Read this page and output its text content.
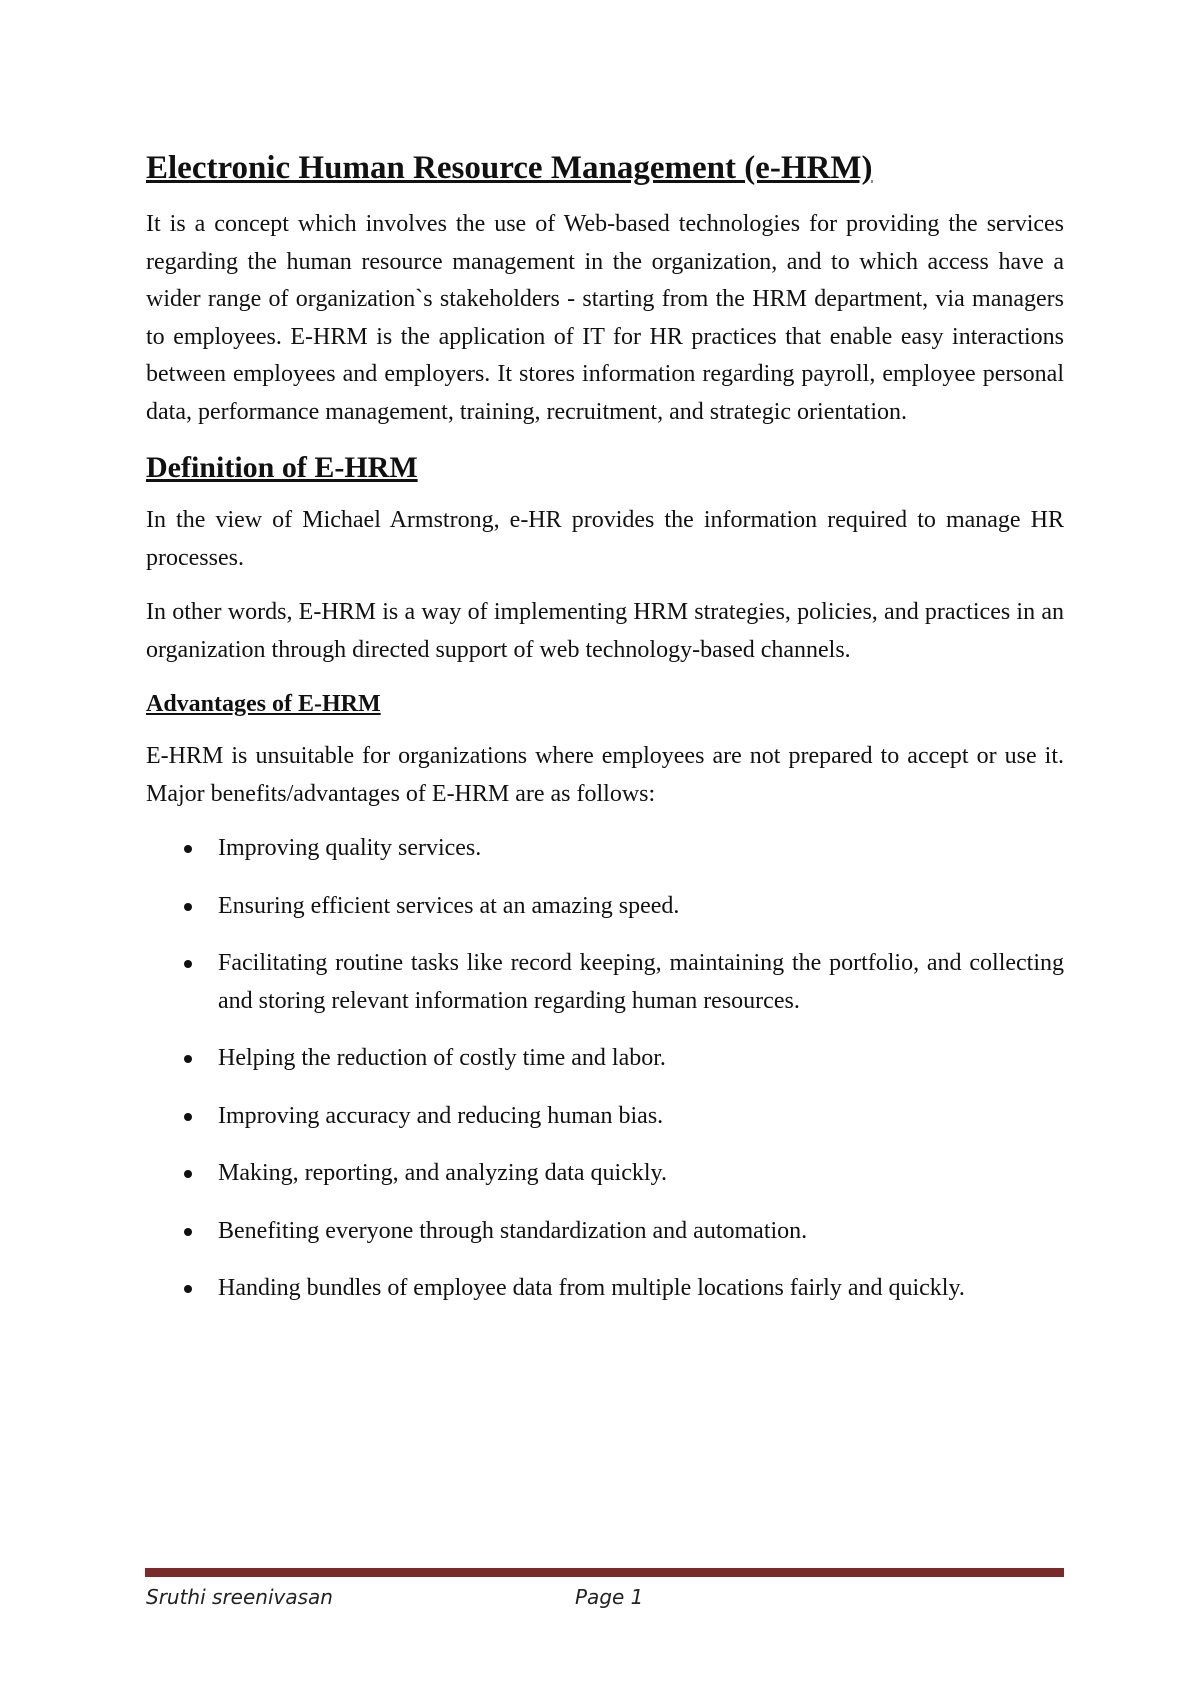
Electronic Human Resource Management (e-HRM)

It is a concept which involves the use of Web-based technologies for providing the services regarding the human resource management in the organization, and to which access have a wider range of organization`s stakeholders - starting from the HRM department, via managers to employees. E-HRM is the application of IT for HR practices that enable easy interactions between employees and employers. It stores information regarding payroll, employee personal data, performance management, training, recruitment, and strategic orientation.

Definition of E-HRM

In the view of Michael Armstrong, e-HR provides the information required to manage HR processes.

In other words, E-HRM is a way of implementing HRM strategies, policies, and practices in an organization through directed support of web technology-based channels.

Advantages of E-HRM

E-HRM is unsuitable for organizations where employees are not prepared to accept or use it. Major benefits/advantages of E-HRM are as follows:

Improving quality services.
Ensuring efficient services at an amazing speed.
Facilitating routine tasks like record keeping, maintaining the portfolio, and collecting and storing relevant information regarding human resources.
Helping the reduction of costly time and labor.
Improving accuracy and reducing human bias.
Making, reporting, and analyzing data quickly.
Benefiting everyone through standardization and automation.
Handing bundles of employee data from multiple locations fairly and quickly.
Sruthi sreenivasan	Page 1
